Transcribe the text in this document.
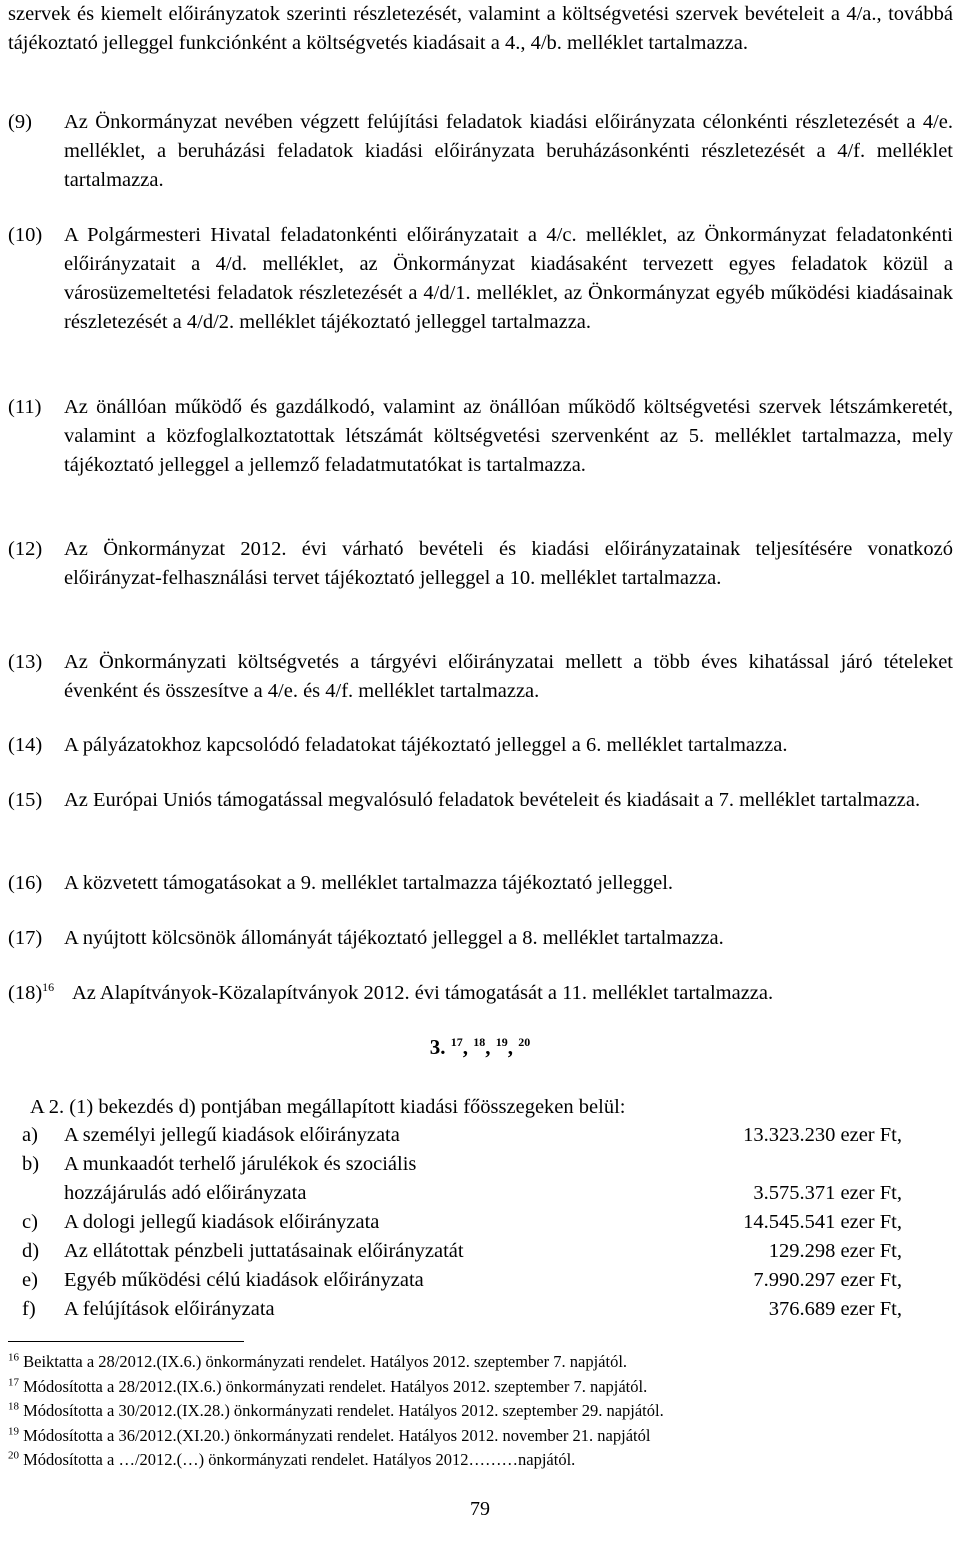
szervek és kiemelt előirányzatok szerinti részletezését, valamint a költségvetési szervek bevételeit a 4/a., továbbá tájékoztató jelleggel funkciónként a költségvetés kiadásait a 4., 4/b. melléklet tartalmazza.
(9)	Az Önkormányzat nevében végzett felújítási feladatok kiadási előirányzata célonkénti részletezését a 4/e. melléklet, a beruházási feladatok kiadási előirányzata beruházásonkénti részletezését a 4/f. melléklet tartalmazza.
(10)	A Polgármesteri Hivatal feladatonkénti előirányzatait a 4/c. melléklet, az Önkormányzat feladatonkénti előirányzatait a 4/d. melléklet, az Önkormányzat kiadásaként tervezett egyes feladatok közül a városüzemeltetési feladatok részletezését a 4/d/1. melléklet, az Önkormányzat egyéb működési kiadásainak részletezését a 4/d/2. melléklet tájékoztató jelleggel tartalmazza.
(11)	Az önállóan működő és gazdálkodó, valamint az önállóan működő költségvetési szervek létszámkeretét, valamint a közfoglalkoztatottak létszámát költségvetési szervenként az 5. melléklet tartalmazza, mely tájékoztató jelleggel a jellemző feladatmutatókat is tartalmazza.
(12)	Az Önkormányzat 2012. évi várható bevételi és kiadási előirányzatainak teljesítésére vonatkozó előirányzat-felhasználási tervet tájékoztató jelleggel a 10. melléklet tartalmazza.
(13)	Az Önkormányzati költségvetés a tárgyévi előirányzatai mellett a több éves kihatással járó tételeket évenként és összesítve a 4/e. és 4/f. melléklet tartalmazza.
(14)	A pályázatokhoz kapcsolódó feladatokat tájékoztató jelleggel a 6. melléklet tartalmazza.
(15)	Az Európai Uniós támogatással megvalósuló feladatok bevételeit és kiadásait a 7. melléklet tartalmazza.
(16)	A közvetett támogatásokat a 9. melléklet tartalmazza tájékoztató jelleggel.
(17)	A nyújtott kölcsönök állományát tájékoztató jelleggel a 8. melléklet tartalmazza.
$(18)^{16}$ Az Alapítványok-Közalapítványok 2012. évi támogatását a 11. melléklet tartalmazza.
3. $^{17}$, $^{18}$, $^{19}$, $^{20}$
A 2. (1) bekezdés d) pontjában megállapított kiadási főösszegeken belül:
a)	A személyi jellegű kiadások előirányzata	13.323.230 ezer Ft,
b)	A munkaadót terhelő járulékok és szociális
hozzájárulás adó előirányzata	3.575.371 ezer Ft,
c)	A dologi jellegű kiadások előirányzata	14.545.541 ezer Ft,
d)	Az ellátottak pénzbeli juttatásainak előirányzatát	129.298 ezer Ft,
e)	Egyéb működési célú kiadások előirányzata	7.990.297 ezer Ft,
f)	A felújítások előirányzata	376.689 ezer Ft,
$^{16}$ Beiktatta a 28/2012.(IX.6.) önkormányzati rendelet. Hatályos 2012. szeptember 7. napjától.
$^{17}$ Módosította a 28/2012.(IX.6.) önkormányzati rendelet. Hatályos 2012. szeptember 7. napjától.
$^{18}$ Módosította a 30/2012.(IX.28.) önkormányzati rendelet. Hatályos 2012. szeptember 29. napjától.
$^{19}$ Módosította a 36/2012.(XI.20.) önkormányzati rendelet. Hatályos 2012. november 21. napjától
$^{20}$ Módosította a …/2012.(…) önkormányzati rendelet. Hatályos 2012………napjától.
79
